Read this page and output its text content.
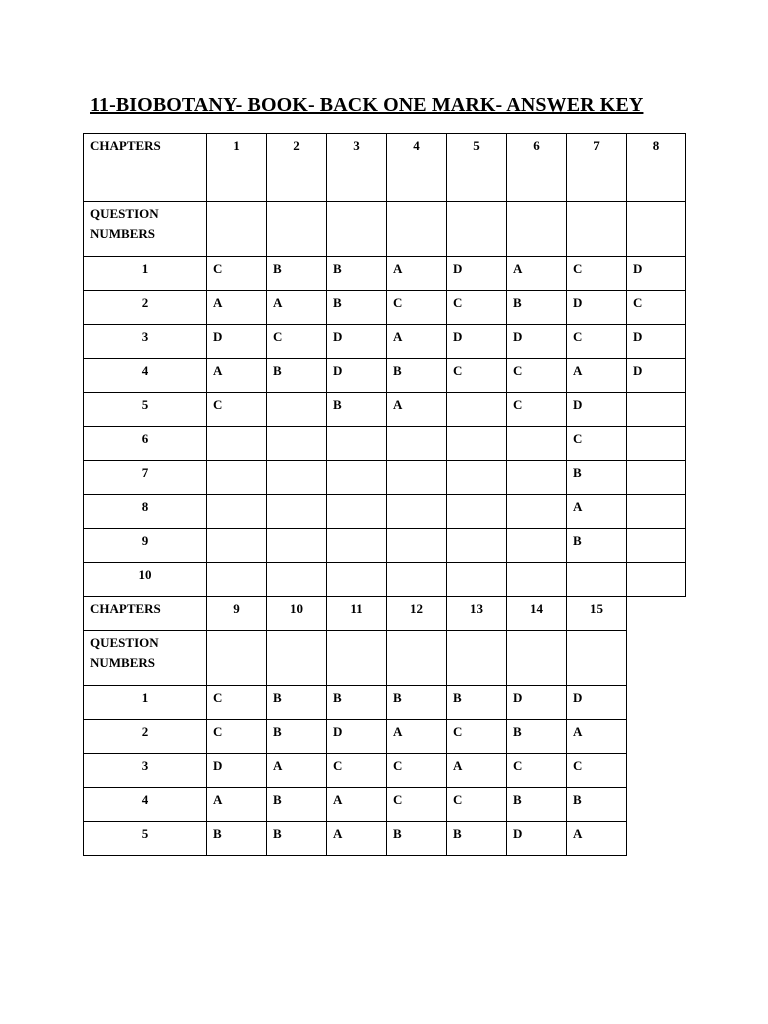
11-BIOBOTANY- BOOK- BACK ONE MARK- ANSWER KEY
CHAPTERS	1	2	3	4	5	6	7	8
QUESTION NUMBERS								
1	C	B	B	A	D	A	C	D
2	A	A	B	C	C	B	D	C
3	D	C	D	A	D	D	C	D
4	A	B	D	B	C	C	A	D
5	C		B	A		C	D	
6							C	
7							B	
8							A	
9							B	
10								
CHAPTERS	9	10	11	12	13	14	15
QUESTION NUMBERS							
1	C	B	B	B	B	D	D
2	C	B	D	A	C	B	A
3	D	A	C	C	A	C	C
4	A	B	A	C	C	B	B
5	B	B	A	B	B	D	A
